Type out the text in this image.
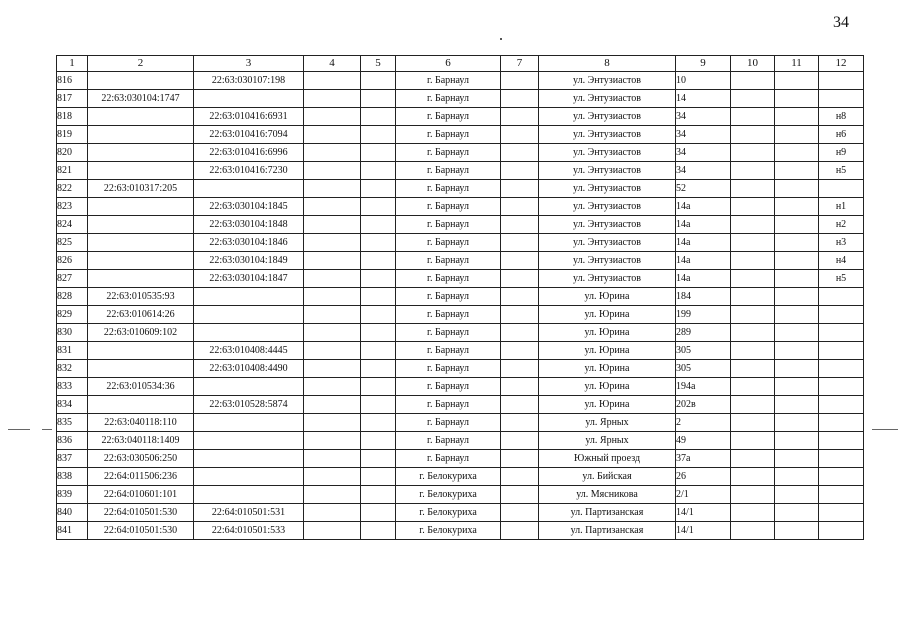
34
1	2	3	4	5	6	7	8	9	10	11	12
816		22:63:030107:198			г. Барнаул		ул. Энтузиастов	10			
817	22:63:030104:1747				г. Барнаул		ул. Энтузиастов	14			
818		22:63:010416:6931			г. Барнаул		ул. Энтузиастов	34			н8
819		22:63:010416:7094			г. Барнаул		ул. Энтузиастов	34			н6
820		22:63:010416:6996			г. Барнаул		ул. Энтузиастов	34			н9
821		22:63:010416:7230			г. Барнаул		ул. Энтузиастов	34			н5
822	22:63:010317:205				г. Барнаул		ул. Энтузиастов	52			
823		22:63:030104:1845			г. Барнаул		ул. Энтузиастов	14а			н1
824		22:63:030104:1848			г. Барнаул		ул. Энтузиастов	14а			н2
825		22:63:030104:1846			г. Барнаул		ул. Энтузиастов	14а			н3
826		22:63:030104:1849			г. Барнаул		ул. Энтузиастов	14а			н4
827		22:63:030104:1847			г. Барнаул		ул. Энтузиастов	14а			н5
828	22:63:010535:93				г. Барнаул		ул. Юрина	184			
829	22:63:010614:26				г. Барнаул		ул. Юрина	199			
830	22:63:010609:102				г. Барнаул		ул. Юрина	289			
831		22:63:010408:4445			г. Барнаул		ул. Юрина	305			
832		22:63:010408:4490			г. Барнаул		ул. Юрина	305			
833	22:63:010534:36				г. Барнаул		ул. Юрина	194а			
834		22:63:010528:5874			г. Барнаул		ул. Юрина	202в			
835	22:63:040118:110				г. Барнаул		ул. Ярных	2			
836	22:63:040118:1409				г. Барнаул		ул. Ярных	49			
837	22:63:030506:250				г. Барнаул		Южный проезд	37а			
838	22:64:011506:236				г. Белокуриха		ул. Бийская	26			
839	22:64:010601:101				г. Белокуриха		ул. Мясникова	2/1			
840	22:64:010501:530	22:64:010501:531			г. Белокуриха		ул. Партизанская	14/1			
841	22:64:010501:530	22:64:010501:533			г. Белокуриха		ул. Партизанская	14/1			
